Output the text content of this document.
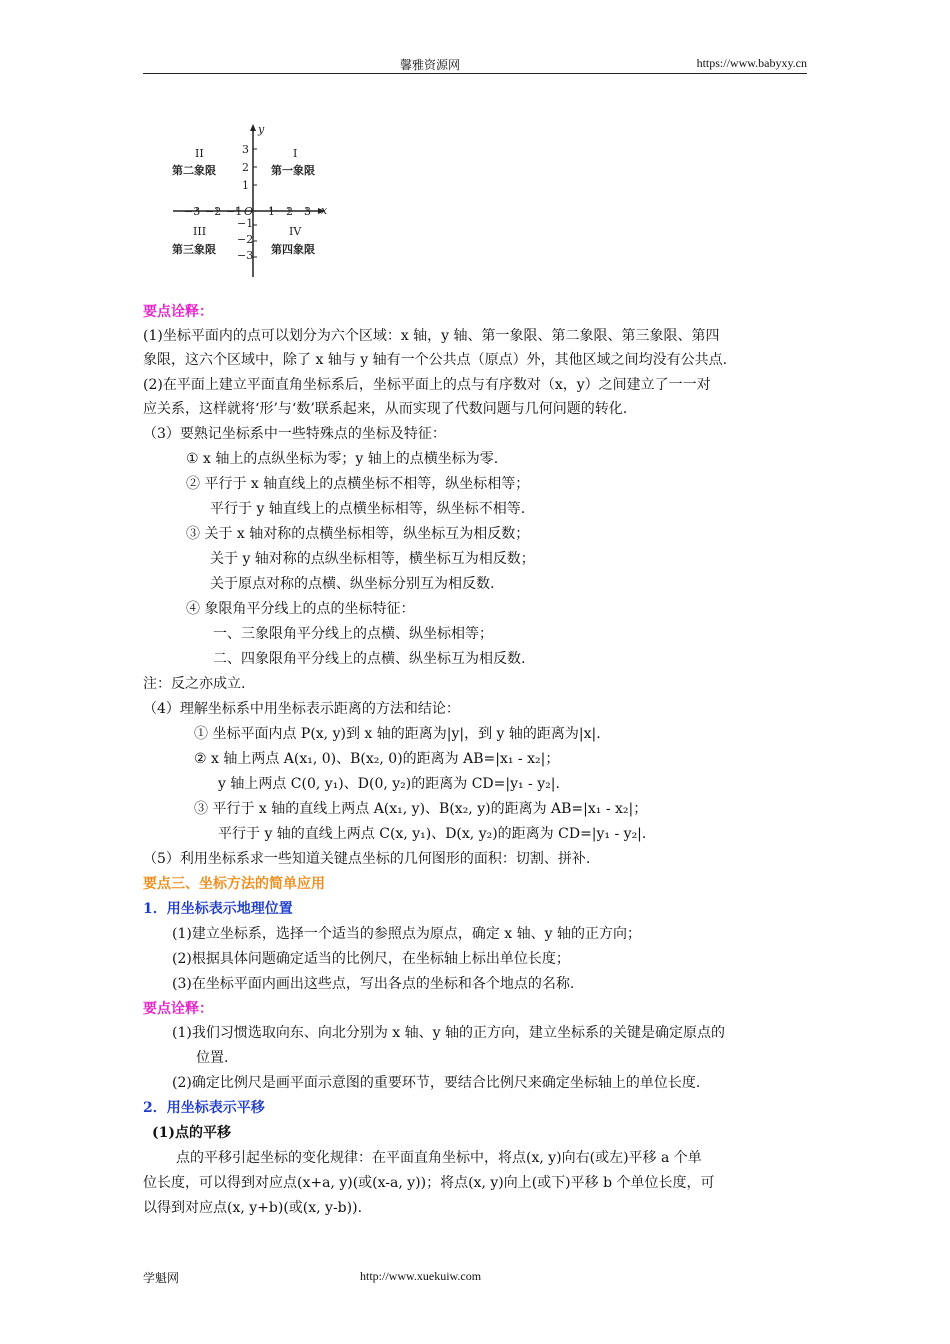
馨雅资源网	https://www.babyxy.cn
y
x
O
−3 −2 −1 1 2 3
3
2
1
−1
−2
−3
I
第一象限
II
第二象限
III
第三象限
IV
第四象限
要点诠释：
(1)坐标平面内的点可以划分为六个区域：x 轴，y 轴、第一象限、第二象限、第三象限、第四
象限，这六个区域中，除了 x 轴与 y 轴有一个公共点（原点）外，其他区域之间均没有公共点.
(2)在平面上建立平面直角坐标系后，坐标平面上的点与有序数对（x，y）之间建立了一一对
应关系，这样就将‘形’与‘数’联系起来，从而实现了代数问题与几何问题的转化.
（3）要熟记坐标系中一些特殊点的坐标及特征：
① x 轴上的点纵坐标为零；y 轴上的点横坐标为零.
② 平行于 x 轴直线上的点横坐标不相等，纵坐标相等；
平行于 y 轴直线上的点横坐标相等，纵坐标不相等.
③ 关于 x 轴对称的点横坐标相等，纵坐标互为相反数；
关于 y 轴对称的点纵坐标相等，横坐标互为相反数；
关于原点对称的点横、纵坐标分别互为相反数.
④ 象限角平分线上的点的坐标特征：
一、三象限角平分线上的点横、纵坐标相等；
二、四象限角平分线上的点横、纵坐标互为相反数.
注：反之亦成立.
（4）理解坐标系中用坐标表示距离的方法和结论：
① 坐标平面内点 P(x, y)到 x 轴的距离为|y|，到 y 轴的距离为|x|.
② x 轴上两点 A(x₁, 0)、B(x₂, 0)的距离为 AB=|x₁ - x₂|；
y 轴上两点 C(0, y₁)、D(0, y₂)的距离为 CD=|y₁ - y₂|.
③ 平行于 x 轴的直线上两点 A(x₁, y)、B(x₂, y)的距离为 AB=|x₁ - x₂|；
平行于 y 轴的直线上两点 C(x, y₁)、D(x, y₂)的距离为 CD=|y₁ - y₂|.
（5）利用坐标系求一些知道关键点坐标的几何图形的面积：切割、拼补.
要点三、坐标方法的简单应用
1．用坐标表示地理位置
(1)建立坐标系，选择一个适当的参照点为原点，确定 x 轴、y 轴的正方向；
(2)根据具体问题确定适当的比例尺，在坐标轴上标出单位长度；
(3)在坐标平面内画出这些点，写出各点的坐标和各个地点的名称.
要点诠释：
(1)我们习惯选取向东、向北分别为 x 轴、y 轴的正方向，建立坐标系的关键是确定原点的
位置.
(2)确定比例尺是画平面示意图的重要环节，要结合比例尺来确定坐标轴上的单位长度.
2．用坐标表示平移
(1)点的平移
点的平移引起坐标的变化规律：在平面直角坐标中，将点(x, y)向右(或左)平移 a 个单
位长度，可以得到对应点(x+a, y)(或(x-a, y))；将点(x, y)向上(或下)平移 b 个单位长度，可
以得到对应点(x, y+b)(或(x, y-b)).
学魁网	http://www.xuekuiw.com
